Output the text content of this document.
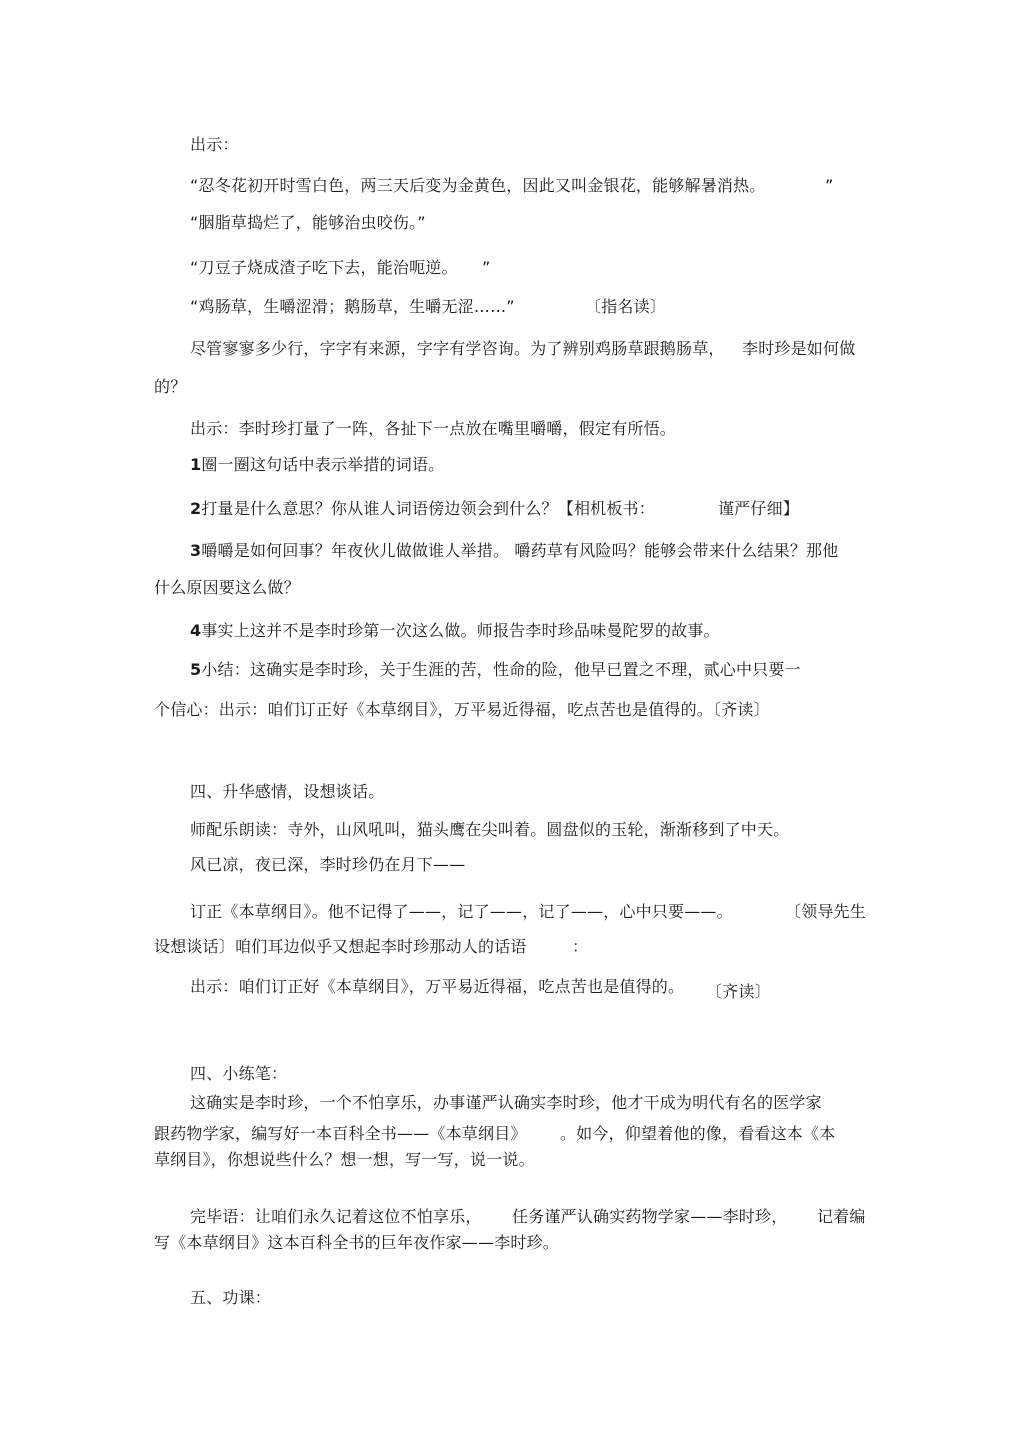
出示：
“忍冬花初开时雪白色，两三天后变为金黄色，因此又叫金银花，能够解暑消热。	”
“胭脂草捣烂了，能够治虫咬伤。”
“刀豆子烧成渣子吃下去，能治呃逆。 ”
“鸡肠草，生嚼涩滑；鹅肠草，生嚼无涩……”	〔指名读〕
尽管寥寥多少行，字字有来源，字字有学咨询。为了辨别鸡肠草跟鹅肠草， 李时珍是如何做
的？
出示：李时珍打量了一阵，各扯下一点放在嘴里嚼嚼，假定有所悟。
1圈一圈这句话中表示举措的词语。
2打量是什么意思？你从谁人词语傍边领会到什么？【相机板书：	谨严仔细】
3嚼嚼是如何回事？年夜伙儿做做谁人举措。 嚼药草有风险吗？能够会带来什么结果？那他
什么原因要这么做？
4事实上这并不是李时珍第一次这么做。师报告李时珍品味曼陀罗的故事。
5小结：这确实是李时珍，关于生涯的苦，性命的险，他早已置之不理，贰心中只要一
个信心：出示：咱们订正好《本草纲目》，万平易近得福，吃点苦也是值得的。〔齐读〕
四、升华感情，设想谈话。
师配乐朗读：寺外，山风吼叫，猫头鹰在尖叫着。圆盘似的玉轮，渐渐移到了中天。
风已凉，夜已深，李时珍仍在月下——
订正《本草纲目》。他不记得了——，记了——，记了——，心中只要——。	〔领导先生
设想谈话〕咱们耳边似乎又想起李时珍那动人的话语	：
出示：咱们订正好《本草纲目》，万平易近得福，吃点苦也是值得的。 〔齐读〕
四、小练笔：
这确实是李时珍，一个不怕享乐，办事谨严认确实李时珍，他才干成为明代有名的医学家
跟药物学家，编写好一本百科全书——《本草纲目》 。如今，仰望着他的像，看看这本《本
草纲目》，你想说些什么？想一想，写一写，说一说。
完毕语：让咱们永久记着这位不怕享乐， 任务谨严认确实药物学家——李时珍， 记着编
写《本草纲目》这本百科全书的巨年夜作家——李时珍。
五、功课：
